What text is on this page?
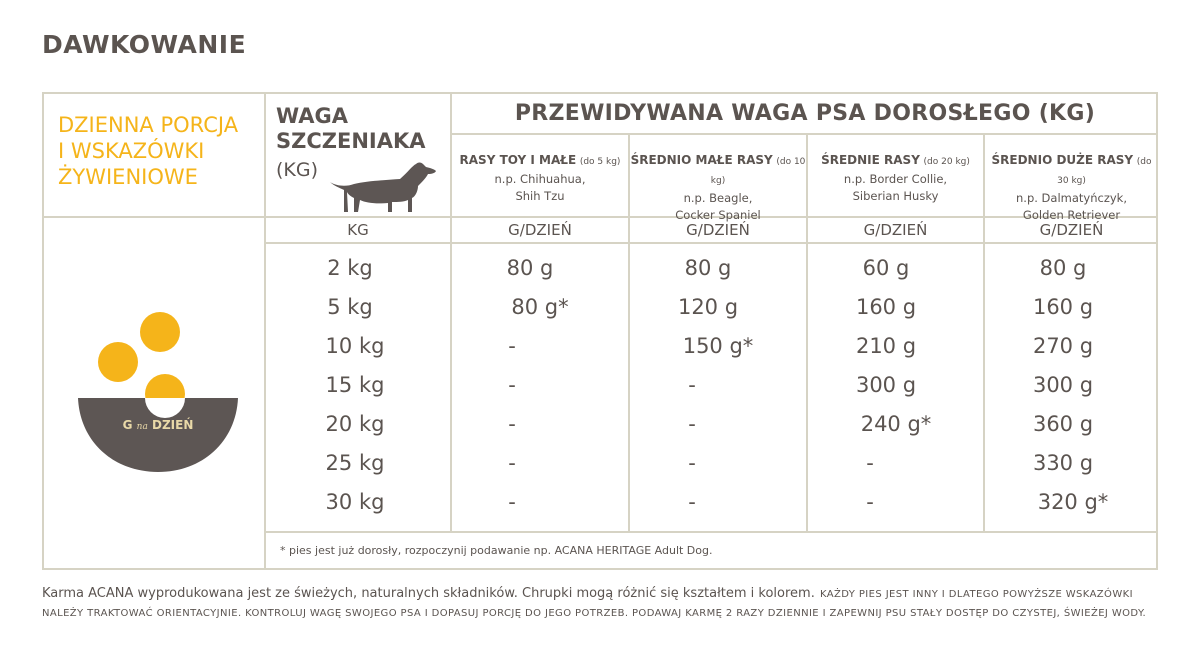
DAWKOWANIE
DZIENNA PORCJA
I WSKAZÓWKI
ŻYWIENIOWE
WAGA
SZCZENIAKA
(KG)
PRZEWIDYWANA WAGA PSA DOROSŁEGO (KG)
RASY TOY I MAŁE (do 5 kg)
n.p. Chihuahua,
Shih Tzu
ŚREDNIO MAŁE RASY (do 10 kg)
n.p. Beagle,
Cocker Spaniel
ŚREDNIE RASY (do 20 kg)
n.p. Border Collie,
Siberian Husky
ŚREDNIO DUŻE RASY (do 30 kg)
n.p. Dalmatyńczyk,
Golden Retriever
KG	G/DZIEŃ	G/DZIEŃ	G/DZIEŃ	G/DZIEŃ
2 kg	80 g	80 g	60 g	80 g
5 kg	80 g*	120 g	160 g	160 g
10 kg	-	150 g*	210 g	270 g
15 kg	-	-	300 g	300 g
20 kg	-	-	240 g*	360 g
25 kg	-	-	-	330 g
30 kg	-	-	-	320 g*
G na DZIEŃ
* pies jest już dorosły, rozpoczynij podawanie np. ACANA HERITAGE Adult Dog.
Karma ACANA wyprodukowana jest ze świeżych, naturalnych składników. Chrupki mogą różnić się kształtem i kolorem. KAŻDY PIES JEST INNY I DLATEGO POWYŻSZE WSKAZÓWKI NALEŻY TRAKTOWAĆ ORIENTACYJNIE. KONTROLUJ WAGĘ SWOJEGO PSA I DOPASUJ PORCJĘ DO JEGO POTRZEB. PODAWAJ KARMĘ 2 RAZY DZIENNIE I ZAPEWNIJ PSU STAŁY DOSTĘP DO CZYSTEJ, ŚWIEŻEJ WODY.
